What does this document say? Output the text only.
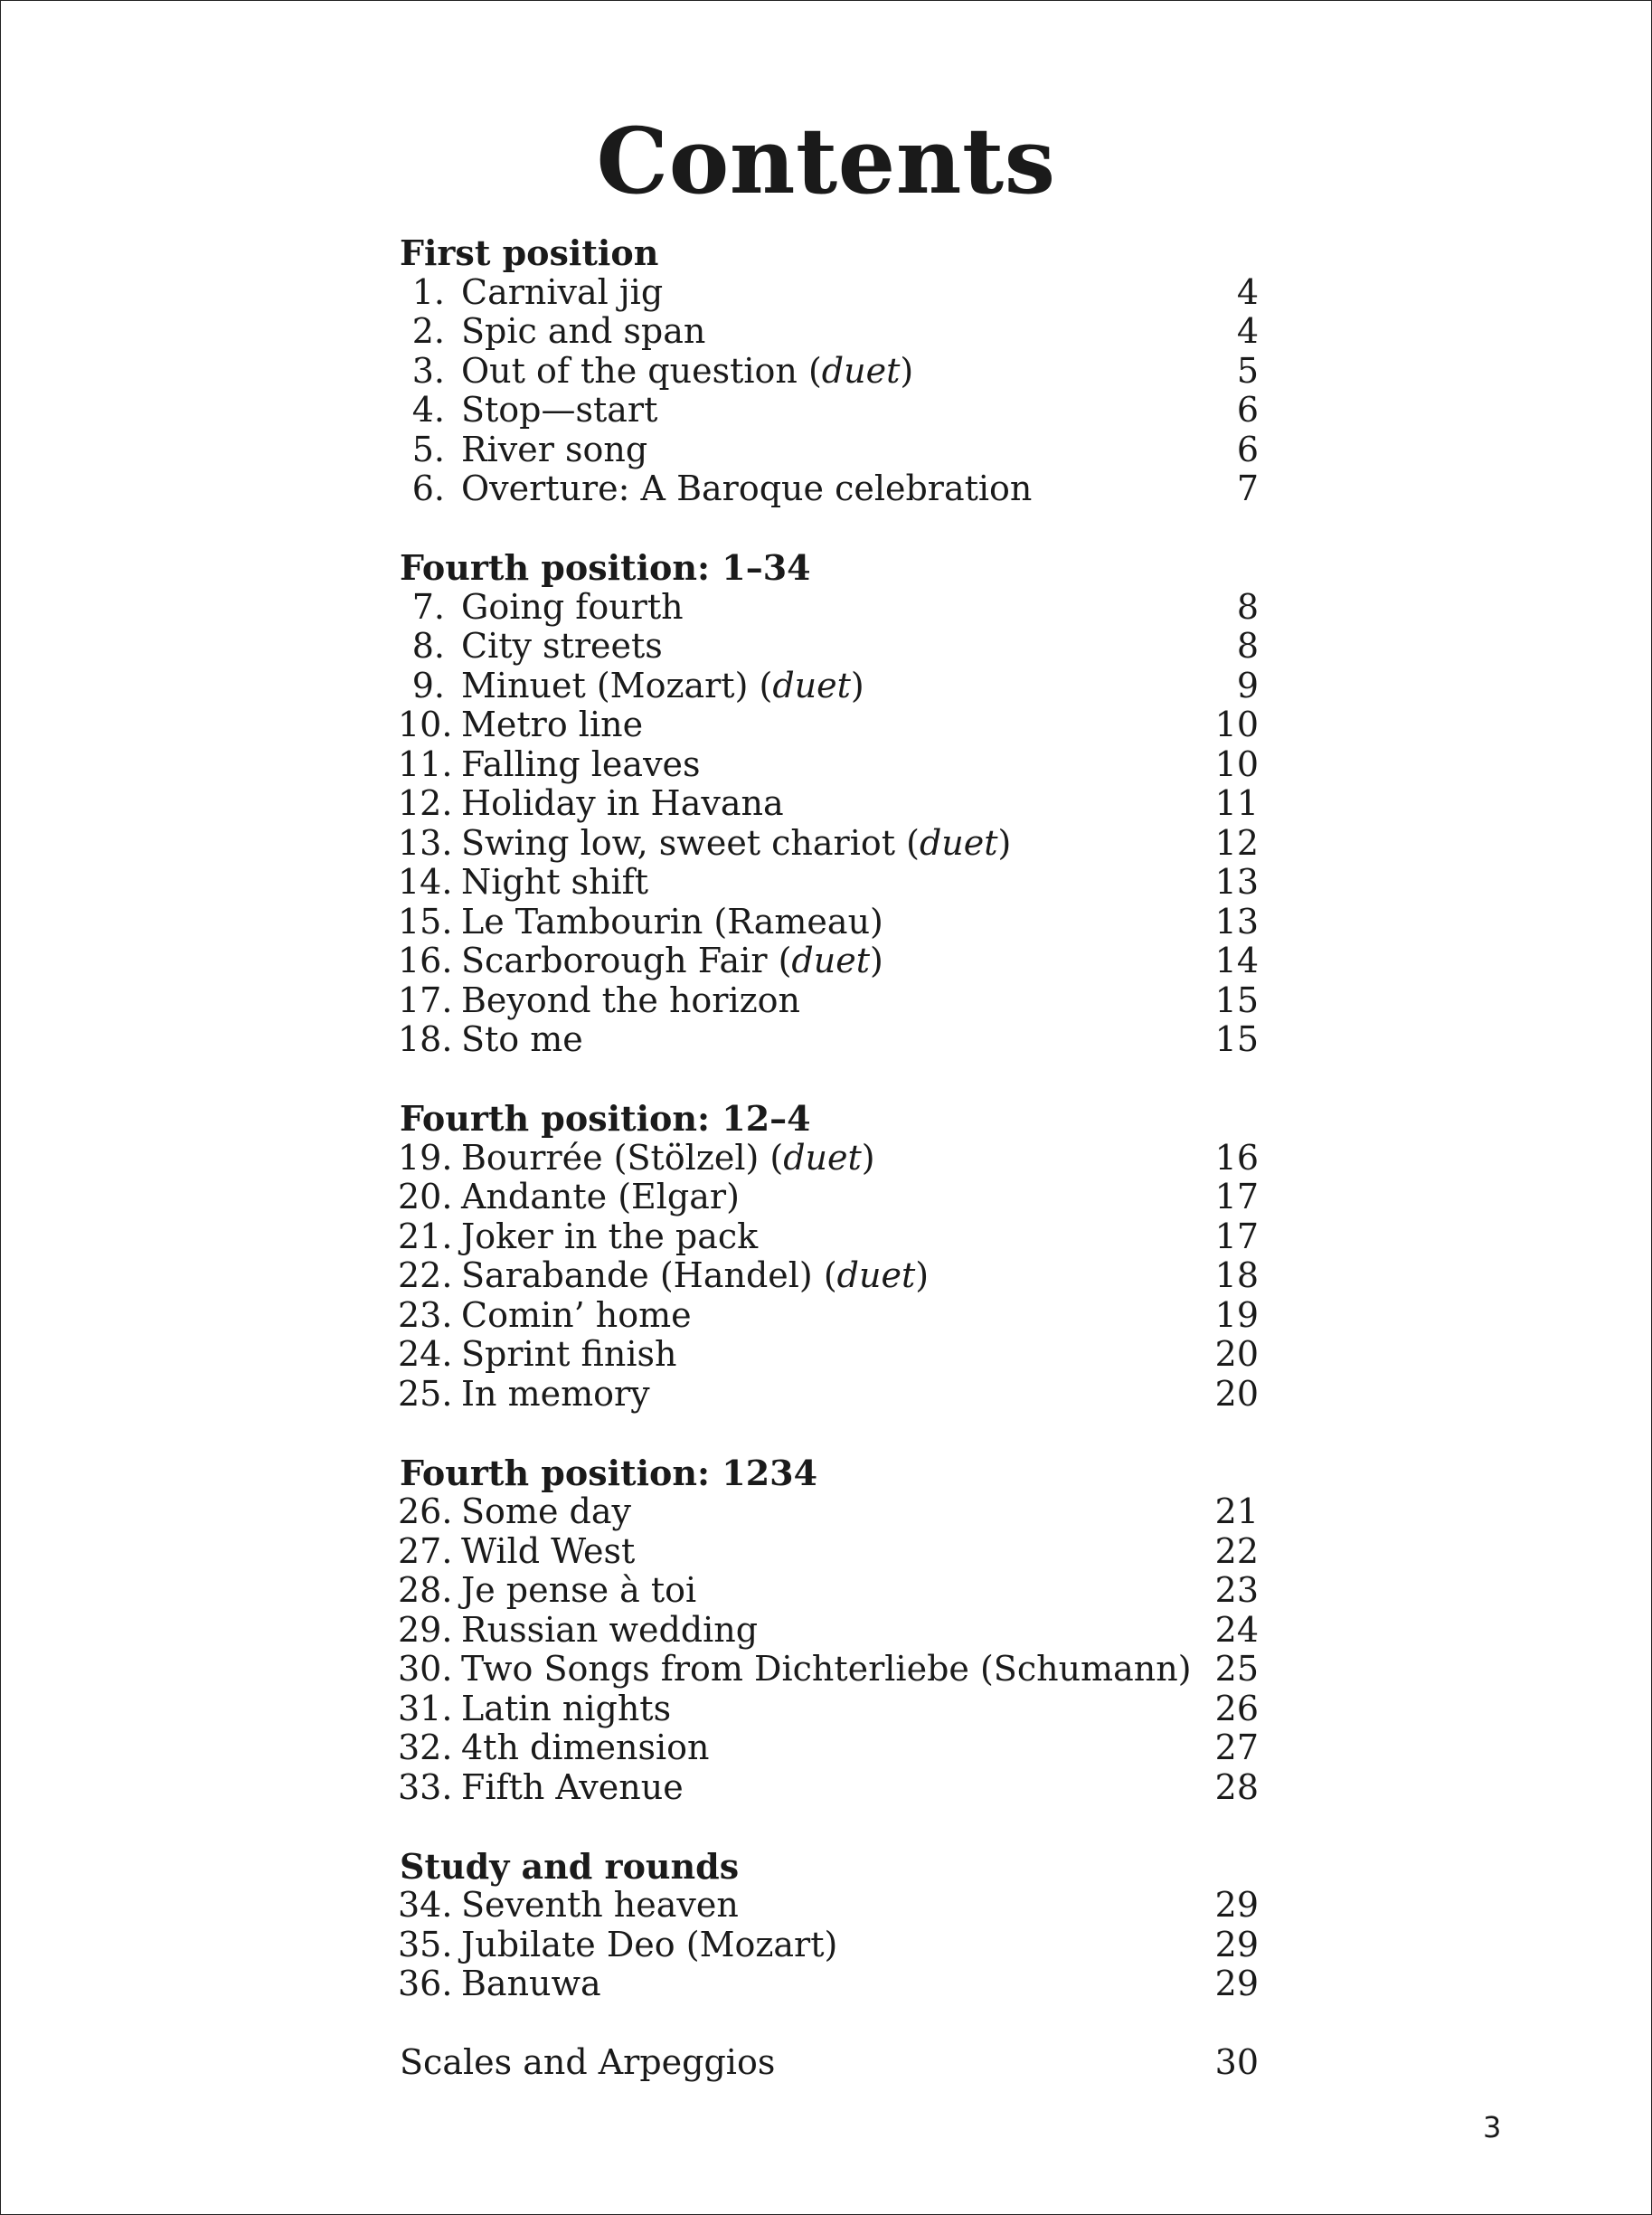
Contents
First position
1. Carnival jig	4
2. Spic and span	4
3. Out of the question (duet)	5
4. Stop—start	6
5. River song	6
6. Overture: A Baroque celebration	7
Fourth position: 1–34
7. Going fourth	8
8. City streets	8
9. Minuet (Mozart) (duet)	9
10. Metro line	10
11. Falling leaves	10
12. Holiday in Havana	11
13. Swing low, sweet chariot (duet)	12
14. Night shift	13
15. Le Tambourin (Rameau)	13
16. Scarborough Fair (duet)	14
17. Beyond the horizon	15
18. Sto me	15
Fourth position: 12–4
19. Bourrée (Stölzel) (duet)	16
20. Andante (Elgar)	17
21. Joker in the pack	17
22. Sarabande (Handel) (duet)	18
23. Comin’ home	19
24. Sprint finish	20
25. In memory	20
Fourth position: 1234
26. Some day	21
27. Wild West	22
28. Je pense à toi	23
29. Russian wedding	24
30. Two Songs from Dichterliebe (Schumann) 25
31. Latin nights	26
32. 4th dimension	27
33. Fifth Avenue	28
Study and rounds
34. Seventh heaven	29
35. Jubilate Deo (Mozart)	29
36. Banuwa	29
Scales and Arpeggios	30
3
